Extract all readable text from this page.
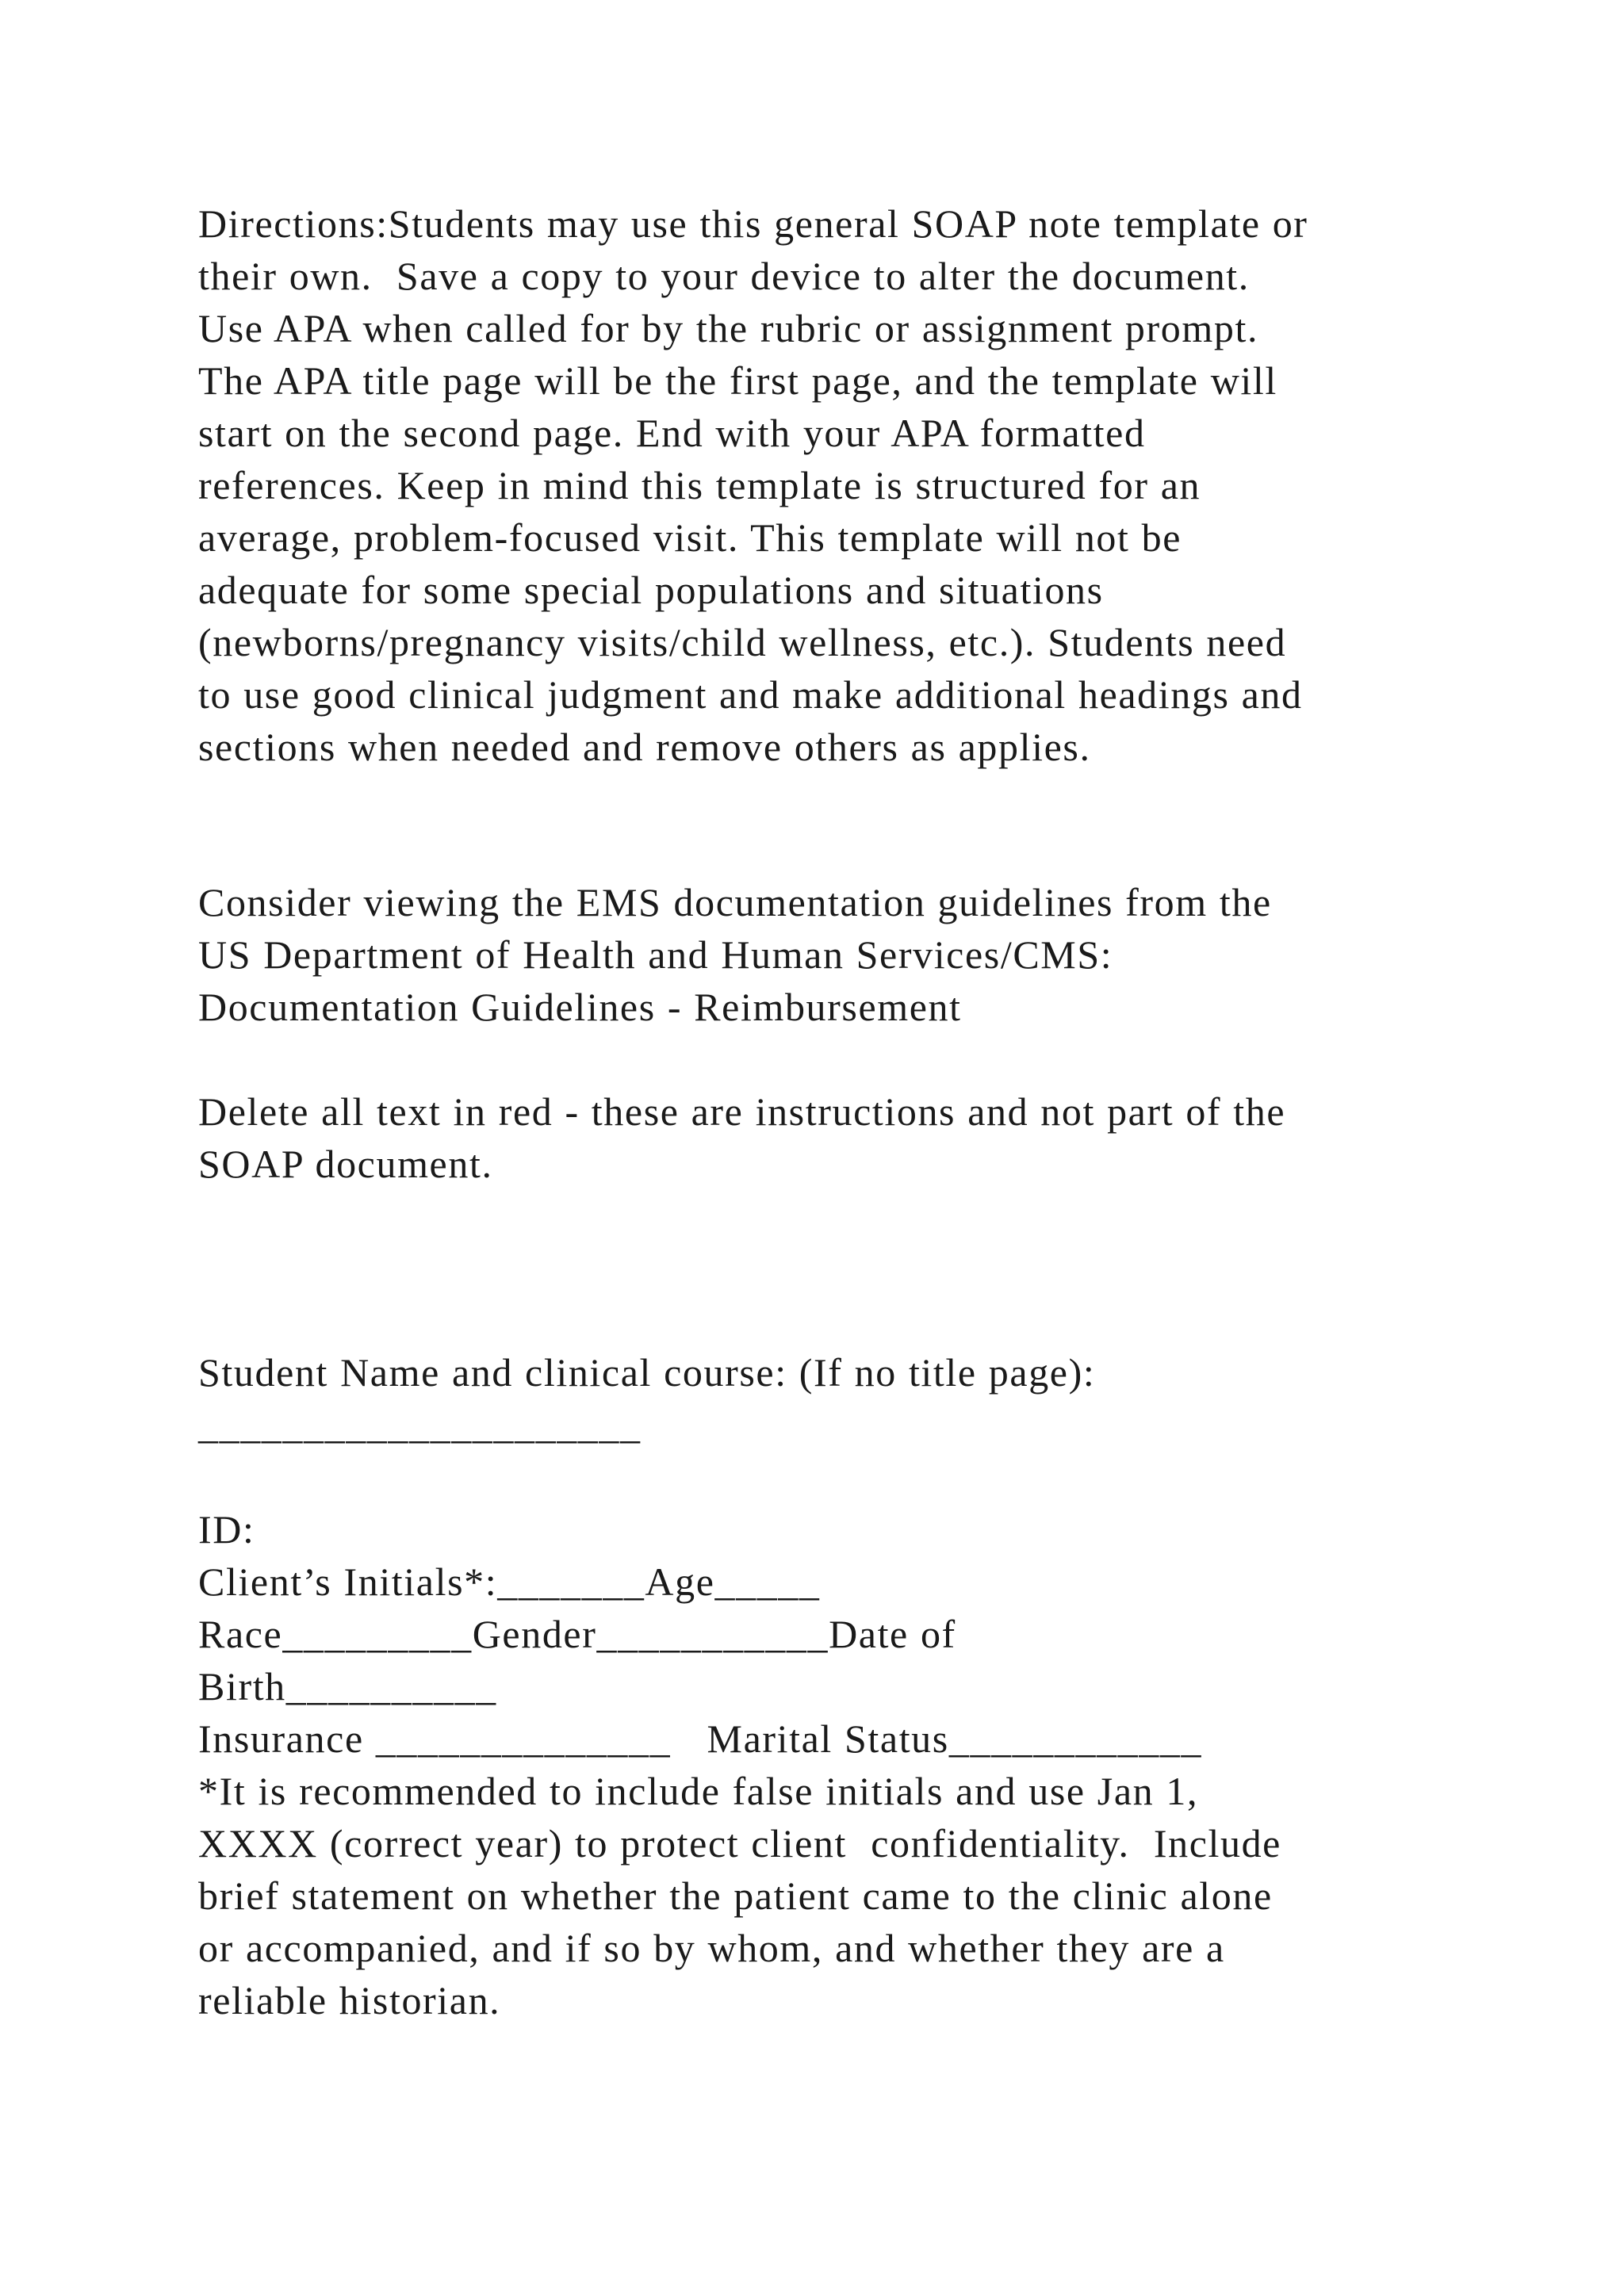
Directions:Students may use this general SOAP note template or
their own.  Save a copy to your device to alter the document.
Use APA when called for by the rubric or assignment prompt.
The APA title page will be the first page, and the template will
start on the second page. End with your APA formatted
references. Keep in mind this template is structured for an
average, problem-focused visit. This template will not be
adequate for some special populations and situations
(newborns/pregnancy visits/child wellness, etc.). Students need
to use good clinical judgment and make additional headings and
sections when needed and remove others as applies.
Consider viewing the EMS documentation guidelines from the
US Department of Health and Human Services/CMS:
Documentation Guidelines - Reimbursement
Delete all text in red - these are instructions and not part of the
SOAP document.
Student Name and clinical course: (If no title page):
_____________________
ID:
Client’s Initials*:_______Age_____
Race_________Gender___________Date of
Birth__________
Insurance ______________   Marital Status____________
*It is recommended to include false initials and use Jan 1,
XXXX (correct year) to protect client  confidentiality.  Include
brief statement on whether the patient came to the clinic alone
or accompanied, and if so by whom, and whether they are a
reliable historian.
